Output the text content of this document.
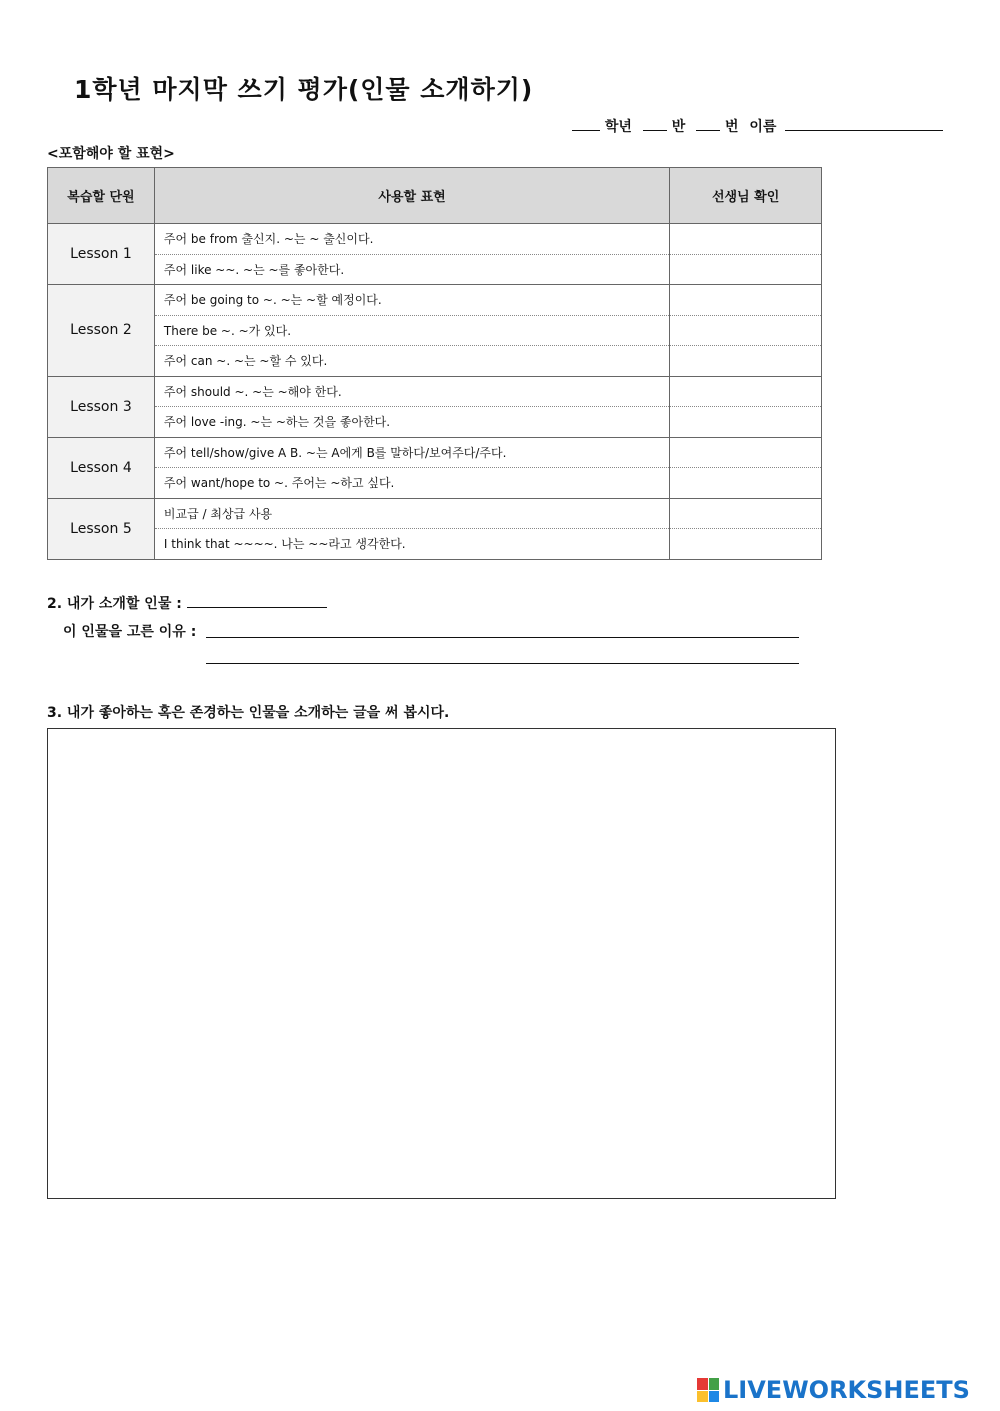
1학년 마지막 쓰기 평가(인물 소개하기)
학년	반	번 이름
<포함해야 할 표현>
복습할 단원	사용할 표현	선생님 확인
Lesson 1	주어 be from 출신지. ~는 ~ 출신이다.	
	주어 like ~~. ~는 ~를 좋아한다.	
Lesson 2	주어 be going to ~. ~는 ~할 예정이다.	
	There be ~. ~가 있다.	
	주어 can ~. ~는 ~할 수 있다.	
Lesson 3	주어 should ~. ~는 ~해야 한다.	
	주어 love -ing. ~는 ~하는 것을 좋아한다.	
Lesson 4	주어 tell/show/give A B. ~는 A에게 B를 말하다/보여주다/주다.	
	주어 want/hope to ~. 주어는 ~하고 싶다.	
Lesson 5	비교급 / 최상급 사용	
	I think that ~~~~. 나는 ~~라고 생각한다.	
2. 내가 소개할 인물 :
이 인물을 고른 이유 :
3. 내가 좋아하는 혹은 존경하는 인물을 소개하는 글을 써 봅시다.
LIVEWORKSHEETS
